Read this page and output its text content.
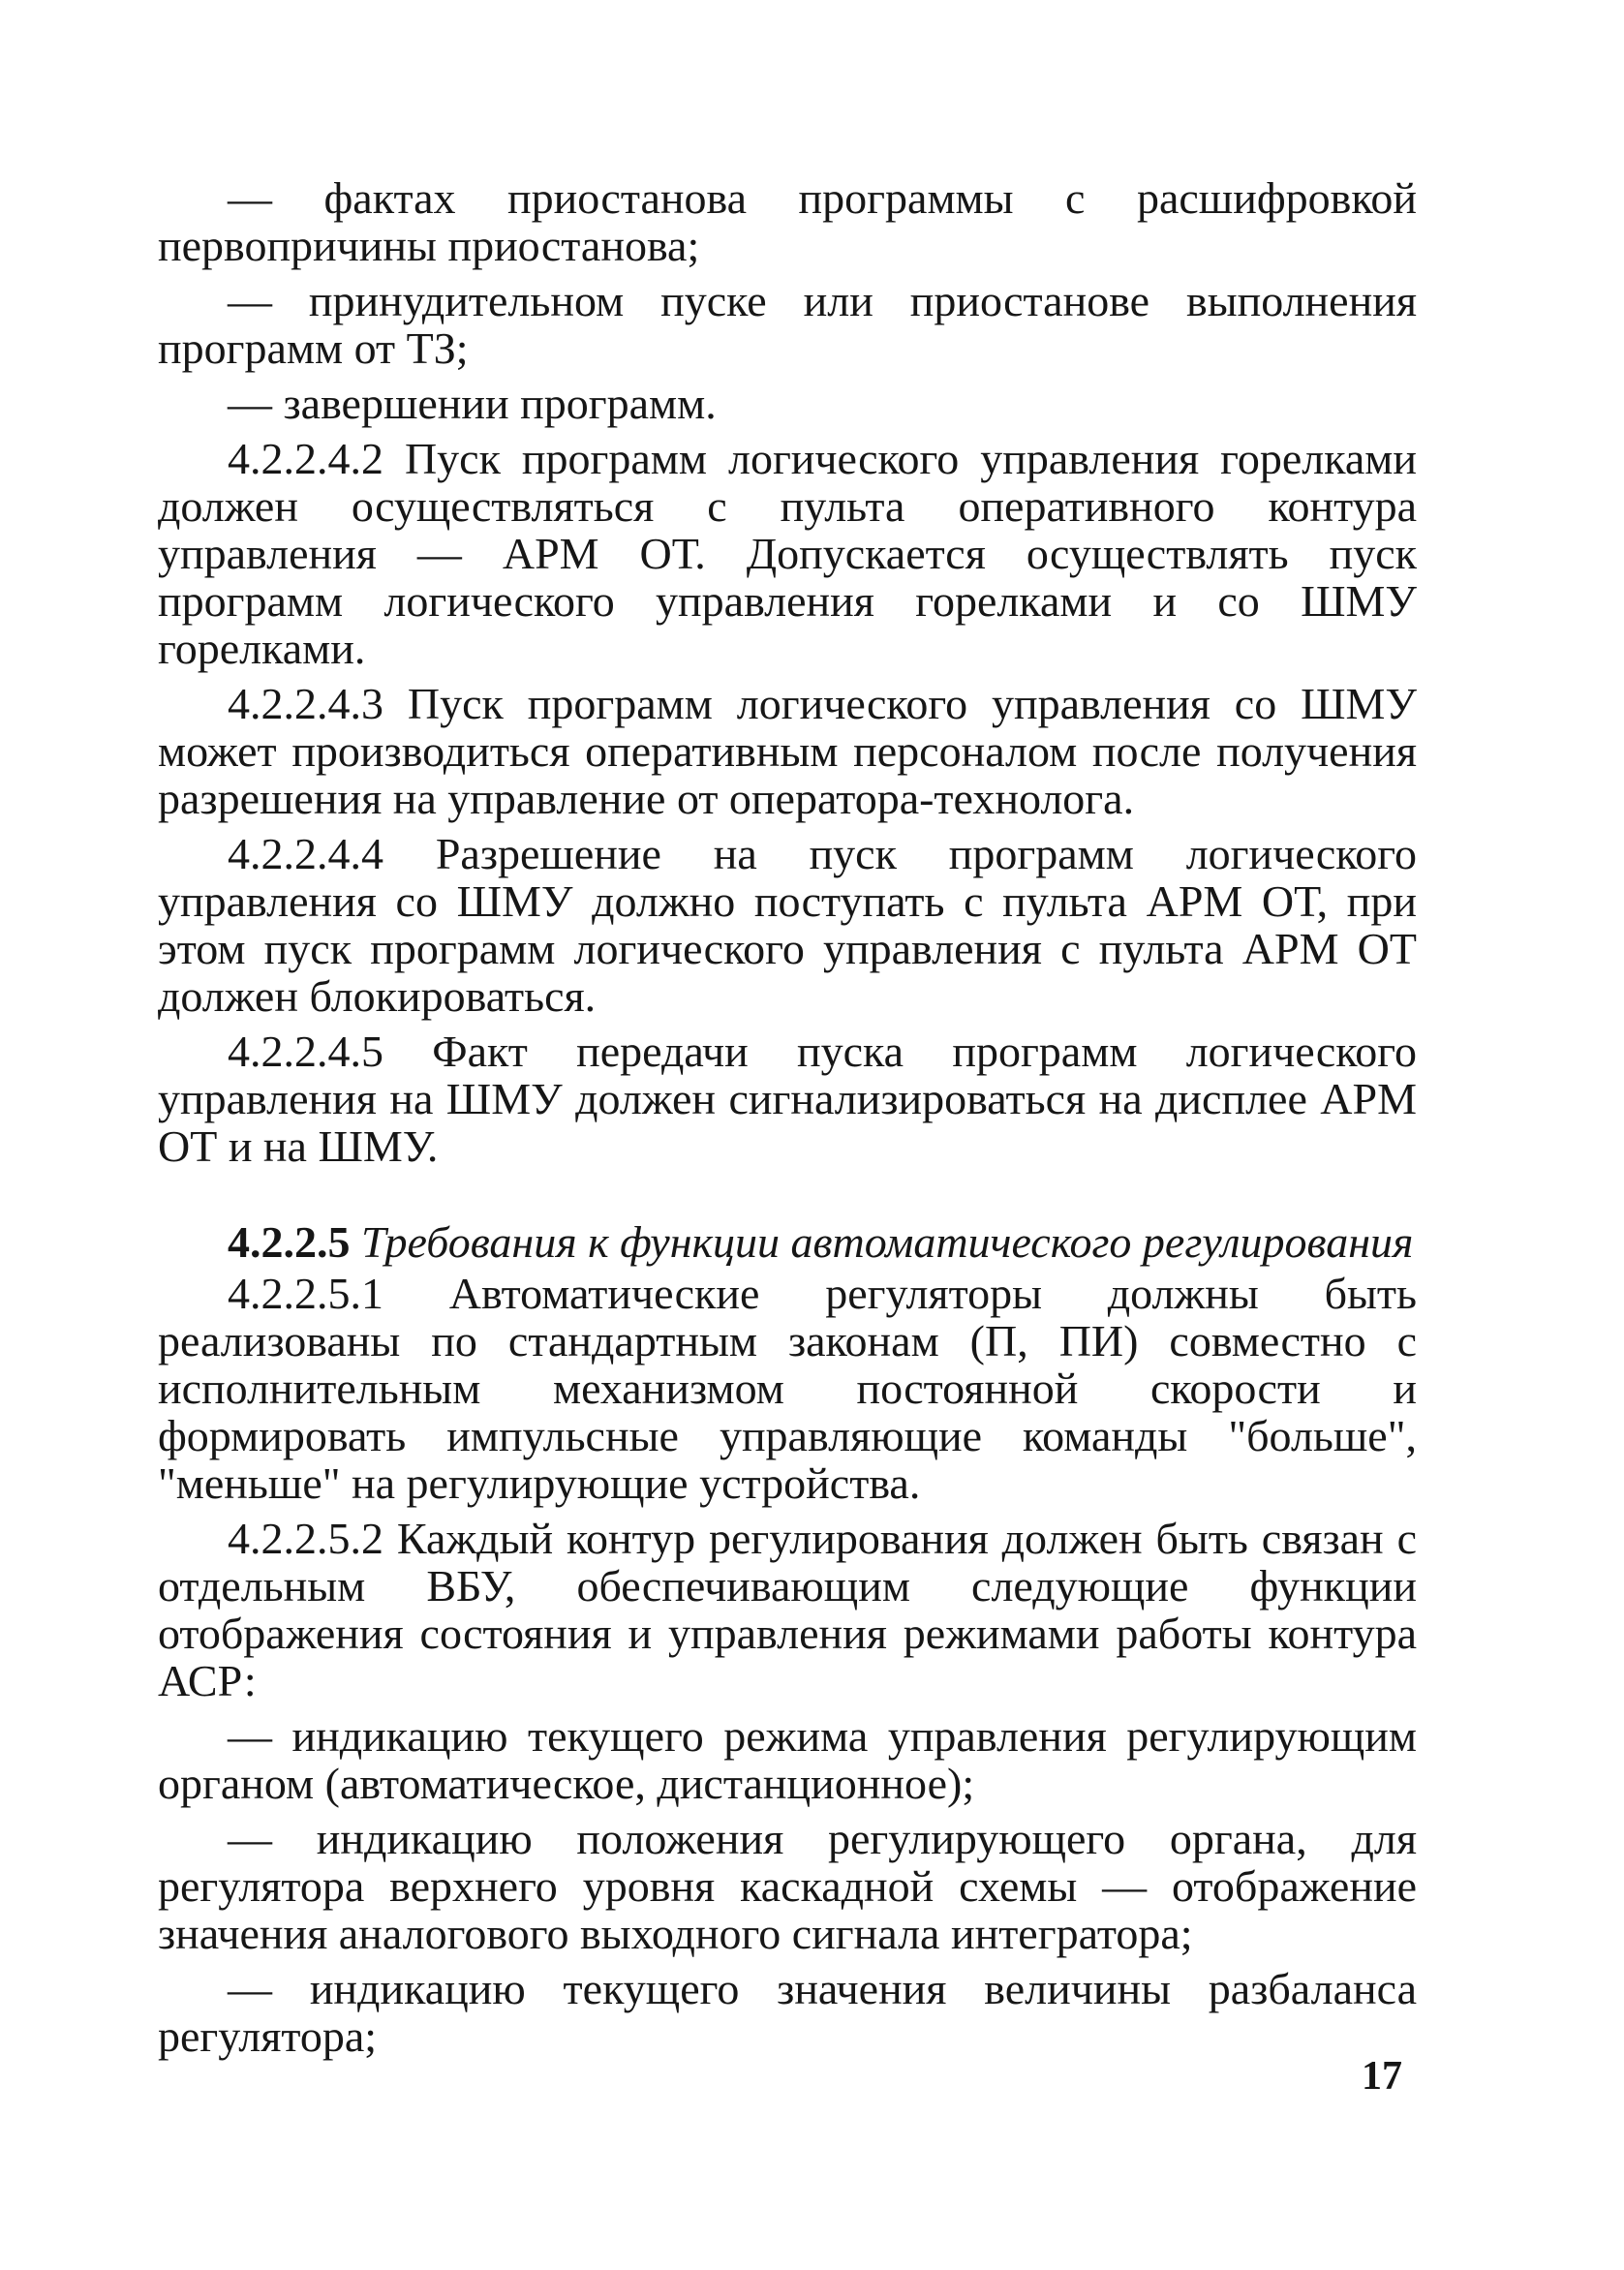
— фактах приостанова программы с расшифровкой первопричины приостанова;

— принудительном пуске или приостанове выполнения программ от ТЗ;

— завершении программ.

4.2.2.4.2 Пуск программ логического управления горелками должен осуществляться с пульта оперативного контура управления — АРМ ОТ. Допускается осуществлять пуск программ логического управления горелками и со ШМУ горелками.

4.2.2.4.3 Пуск программ логического управления со ШМУ может производиться оперативным персоналом после получения разрешения на управление от оператора-технолога.

4.2.2.4.4 Разрешение на пуск программ логического управления со ШМУ должно поступать с пульта АРМ ОТ, при этом пуск программ логического управления с пульта АРМ ОТ должен блокироваться.

4.2.2.4.5 Факт передачи пуска программ логического управления на ШМУ должен сигнализироваться на дисплее АРМ ОТ и на ШМУ.

4.2.2.5 Требования к функции автоматического регулирования

4.2.2.5.1 Автоматические регуляторы должны быть реализованы по стандартным законам (П, ПИ) совместно с исполнительным механизмом постоянной скорости и формировать импульсные управляющие команды "больше", "меньше" на регулирующие устройства.

4.2.2.5.2 Каждый контур регулирования должен быть связан с отдельным ВБУ, обеспечивающим следующие функции отображения состояния и управления режимами работы контура АСР:

— индикацию текущего режима управления регулирующим органом (автоматическое, дистанционное);

— индикацию положения регулирующего органа, для регулятора верхнего уровня каскадной схемы — отображение значения аналогового выходного сигнала интегратора;

— индикацию текущего значения величины разбаланса регулятора;

17
